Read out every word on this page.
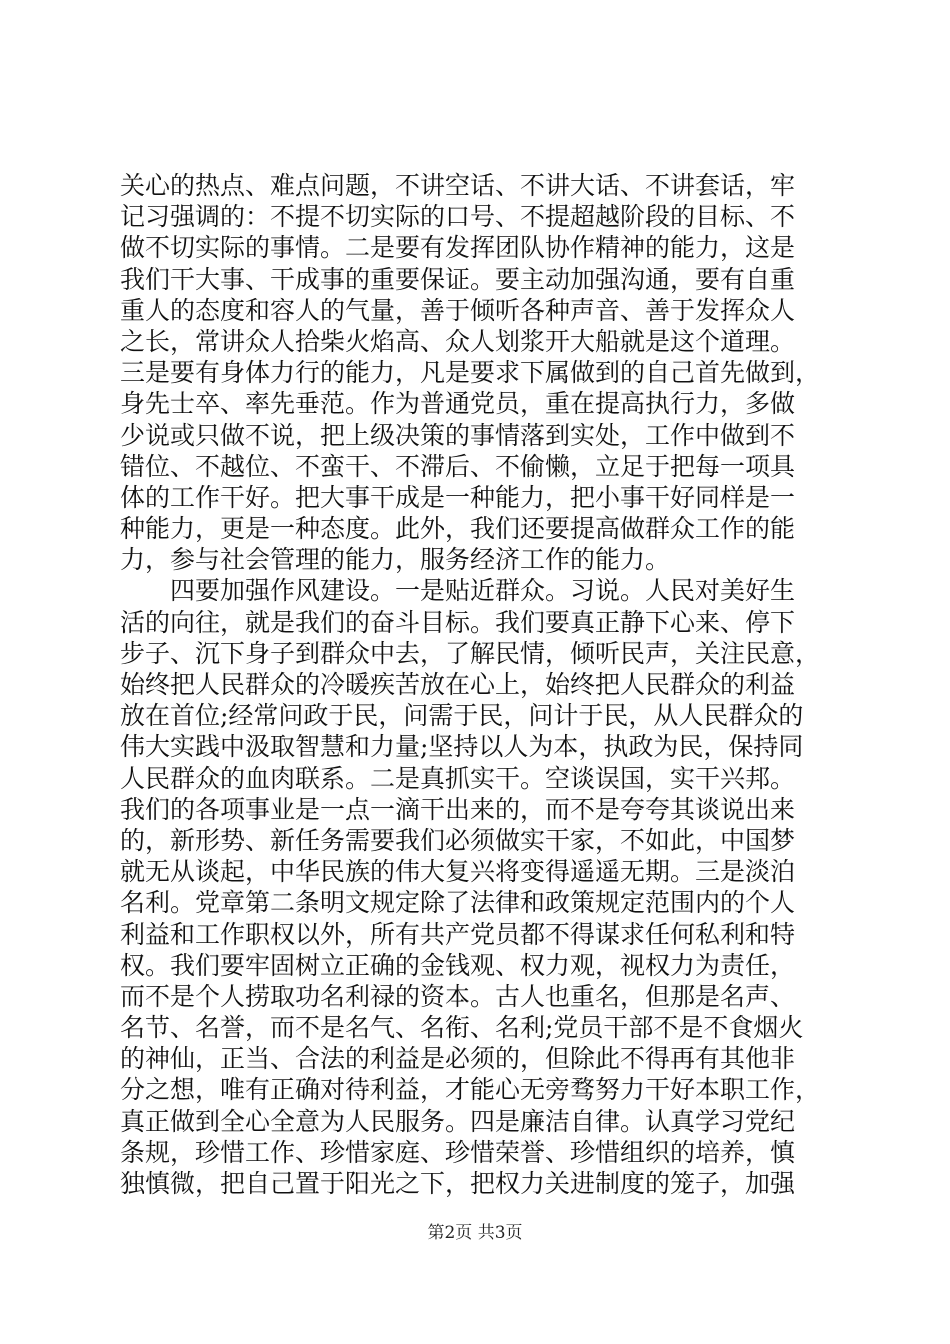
关心的热点、难点问题，不讲空话、不讲大话、不讲套话，牢
记习强调的：不提不切实际的口号、不提超越阶段的目标、不
做不切实际的事情。二是要有发挥团队协作精神的能力，这是
我们干大事、干成事的重要保证。要主动加强沟通，要有自重
重人的态度和容人的气量，善于倾听各种声音、善于发挥众人
之长，常讲众人拾柴火焰高、众人划浆开大船就是这个道理。
三是要有身体力行的能力，凡是要求下属做到的自己首先做到，
身先士卒、率先垂范。作为普通党员，重在提高执行力，多做
少说或只做不说，把上级决策的事情落到实处，工作中做到不
错位、不越位、不蛮干、不滞后、不偷懒，立足于把每一项具
体的工作干好。把大事干成是一种能力，把小事干好同样是一
种能力，更是一种态度。此外，我们还要提高做群众工作的能
力，参与社会管理的能力，服务经济工作的能力。
　　四要加强作风建设。一是贴近群众。习说。人民对美好生
活的向往，就是我们的奋斗目标。我们要真正静下心来、停下
步子、沉下身子到群众中去，了解民情，倾听民声，关注民意，
始终把人民群众的冷暖疾苦放在心上，始终把人民群众的利益
放在首位;经常问政于民，问需于民，问计于民，从人民群众的
伟大实践中汲取智慧和力量;坚持以人为本，执政为民，保持同
人民群众的血肉联系。二是真抓实干。空谈误国，实干兴邦。
我们的各项事业是一点一滴干出来的，而不是夸夸其谈说出来
的，新形势、新任务需要我们必须做实干家，不如此，中国梦
就无从谈起，中华民族的伟大复兴将变得遥遥无期。三是淡泊
名利。党章第二条明文规定除了法律和政策规定范围内的个人
利益和工作职权以外，所有共产党员都不得谋求任何私利和特
权。我们要牢固树立正确的金钱观、权力观，视权力为责任，
而不是个人捞取功名利禄的资本。古人也重名，但那是名声、
名节、名誉，而不是名气、名衔、名利;党员干部不是不食烟火
的神仙，正当、合法的利益是必须的，但除此不得再有其他非
分之想，唯有正确对待利益，才能心无旁骛努力干好本职工作，
真正做到全心全意为人民服务。四是廉洁自律。认真学习党纪
条规，珍惜工作、珍惜家庭、珍惜荣誉、珍惜组织的培养，慎
独慎微，把自己置于阳光之下，把权力关进制度的笼子，加强
第2页 共3页
